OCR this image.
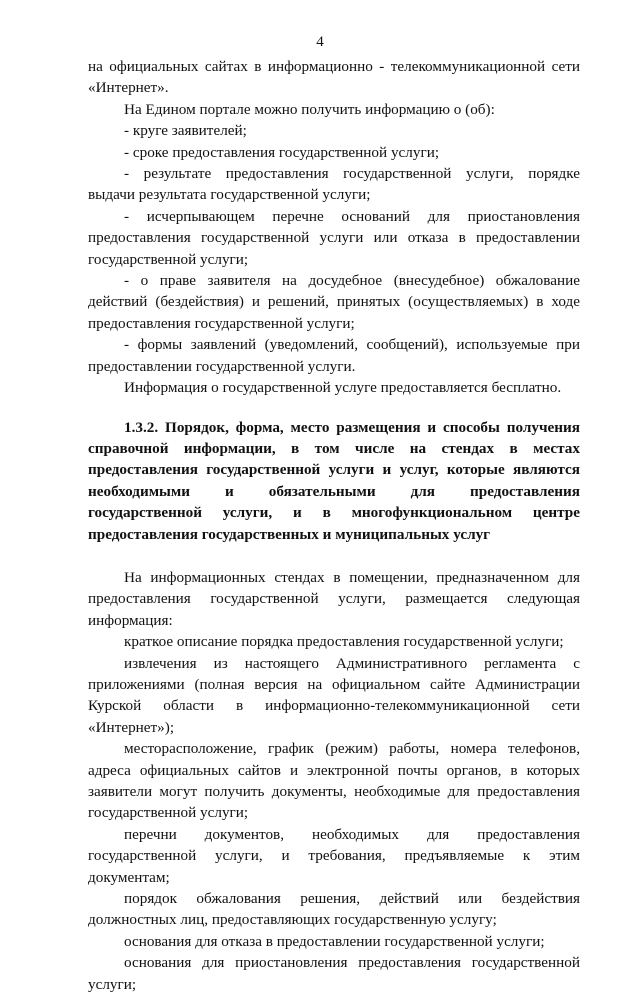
4

на официальных сайтах в информационно - телекоммуникационной сети

«Интернет».

На Едином портале можно получить информацию о (об):

- круге заявителей;

- сроке предоставления государственной услуги;

- результате предоставления государственной услуги, порядке

выдачи результата государственной услуги;

- исчерпывающем перечне оснований для приостановления

предоставления государственной услуги или отказа в предоставлении

государственной услуги;

- о праве заявителя на досудебное (внесудебное) обжалование

действий (бездействия) и решений, принятых (осуществляемых) в ходе

предоставления государственной услуги;

- формы заявлений (уведомлений, сообщений), используемые при

предоставлении государственной услуги.

Информация о государственной услуге предоставляется бесплатно.

1.3.2. Порядок, форма, место размещения и способы получения

справочной информации, в том числе на стендах в местах

предоставления государственной услуги и услуг, которые являются

необходимыми и обязательными для предоставления

государственной услуги, и в многофункциональном центре

предоставления государственных и муниципальных услуг

На информационных стендах в помещении, предназначенном для

предоставления государственной услуги, размещается следующая

информация:

краткое описание порядка предоставления государственной услуги;

извлечения из настоящего Административного регламента с

приложениями (полная версия на официальном сайте Администрации

Курской области в информационно-телекоммуникационной сети

«Интернет»);

месторасположение, график (режим) работы, номера телефонов,

адреса официальных сайтов и электронной почты органов, в которых

заявители могут получить документы, необходимые для предоставления

государственной услуги;

перечни документов, необходимых для предоставления

государственной услуги, и требования, предъявляемые к этим

документам;

порядок обжалования решения, действий или бездействия

должностных лиц, предоставляющих государственную услугу;

основания для отказа в предоставлении государственной услуги;

основания для приостановления предоставления государственной

услуги;
